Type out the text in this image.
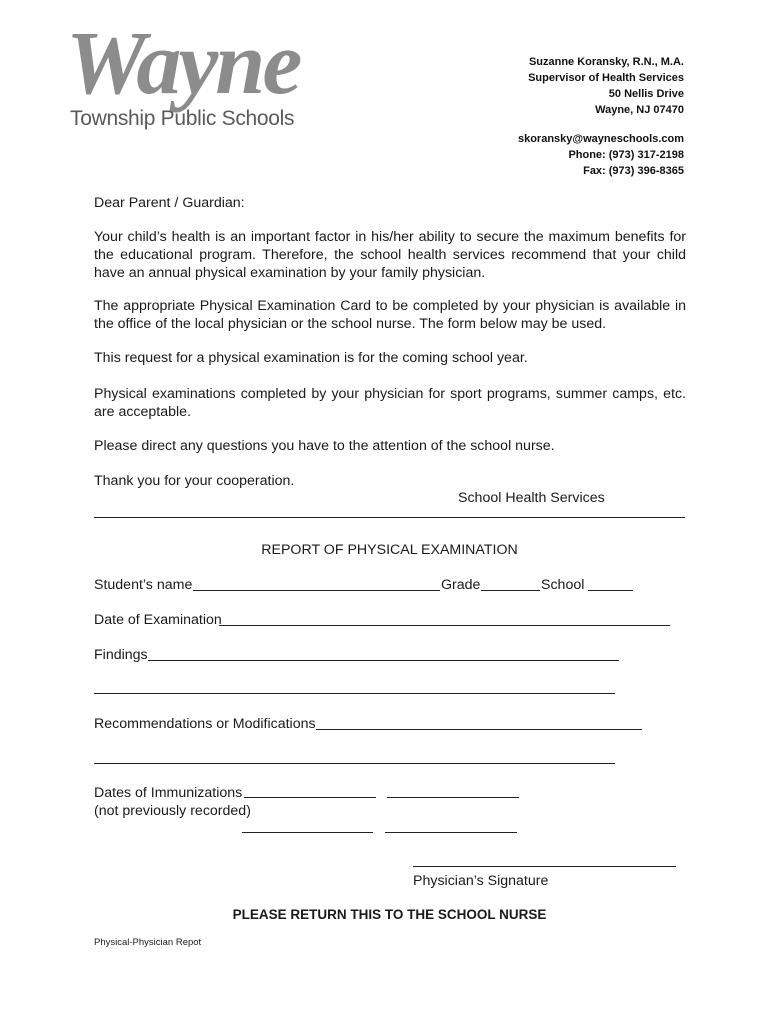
Wayne
Township Public Schools
Suzanne Koransky, R.N., M.A.
Supervisor of Health Services
50 Nellis Drive
Wayne, NJ 07470
skoransky@wayneschools.com
Phone: (973) 317-2198
Fax: (973) 396-8365
Dear Parent / Guardian:
Your child’s health is an important factor in his/her ability to secure the maximum benefits for the educational program. Therefore, the school health services recommend that your child have an annual physical examination by your family physician.
The appropriate Physical Examination Card to be completed by your physician is available in the office of the local physician or the school nurse. The form below may be used.
This request for a physical examination is for the coming school year.
Physical examinations completed by your physician for sport programs, summer camps, etc. are acceptable.
Please direct any questions you have to the attention of the school nurse.
Thank you for your cooperation.
School Health Services
REPORT OF PHYSICAL EXAMINATION
Student’s name	Grade	School
Date of Examination
Findings
Recommendations or Modifications
Dates of Immunizations
(not previously recorded)
Physician’s Signature
PLEASE RETURN THIS TO THE SCHOOL NURSE
Physical-Physician Repot
